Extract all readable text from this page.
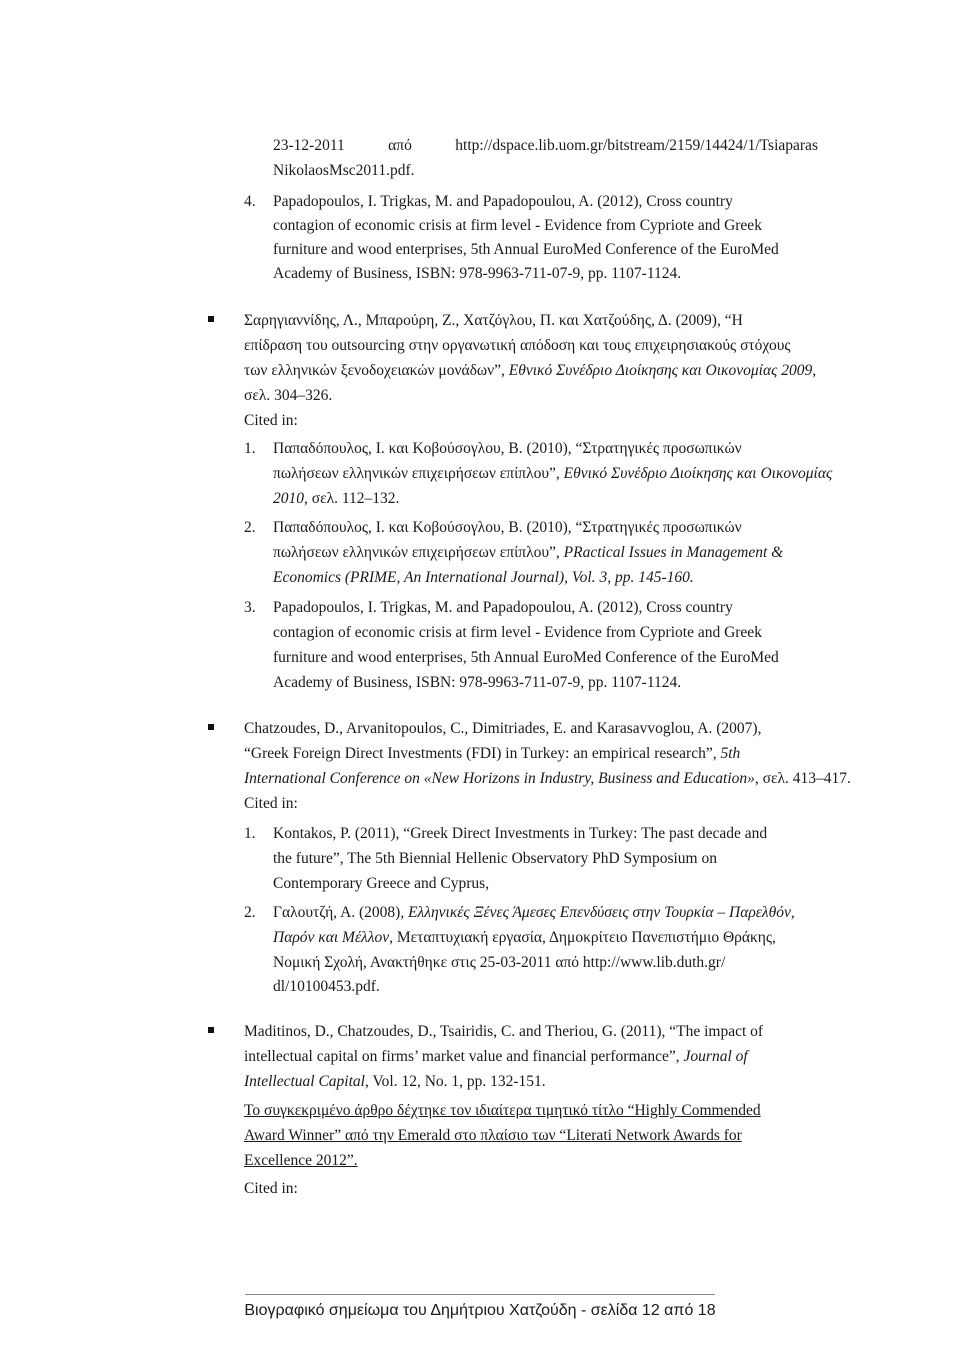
23-12-2011	από	http://dspace.lib.uom.gr/bitstream/2159/14424/1/Tsiaparas
NikolaosMsc2011.pdf.
4. Papadopoulos, I. Trigkas, M. and Papadopoulou, A. (2012), Cross country
contagion of economic crisis at firm level - Evidence from Cypriote and Greek
furniture and wood enterprises, 5th Annual EuroMed Conference of the EuroMed
Academy of Business, ISBN: 978-9963-711-07-9, pp. 1107-1124.
Σαρηγιαννίδης, Λ., Μπαρούρη, Ζ., Χατζόγλου, Π. και Χατζούδης, Δ. (2009), “Η
επίδραση του outsourcing στην οργανωτική απόδοση και τους επιχειρησιακούς στόχους
των ελληνικών ξενοδοχειακών μονάδων”, Εθνικό Συνέδριο Διοίκησης και Οικονομίας 2009,
σελ. 304–326.
Cited in:
1. Παπαδόπουλος, Ι. και Κοβούσογλου, Β. (2010), “Στρατηγικές προσωπικών
πωλήσεων ελληνικών επιχειρήσεων επίπλου”, Εθνικό Συνέδριο Διοίκησης και Οικονομίας
2010, σελ. 112–132.
2. Παπαδόπουλος, Ι. και Κοβούσογλου, Β. (2010), “Στρατηγικές προσωπικών
πωλήσεων ελληνικών επιχειρήσεων επίπλου”, PRactical Issues in Management &
Economics (PRIME, An International Journal), Vol. 3, pp. 145-160.
3. Papadopoulos, I. Trigkas, M. and Papadopoulou, A. (2012), Cross country
contagion of economic crisis at firm level - Evidence from Cypriote and Greek
furniture and wood enterprises, 5th Annual EuroMed Conference of the EuroMed
Academy of Business, ISBN: 978-9963-711-07-9, pp. 1107-1124.
Chatzoudes, D., Arvanitopoulos, C., Dimitriades, E. and Karasavvoglou, A. (2007),
“Greek Foreign Direct Investments (FDI) in Turkey: an empirical research”, 5th
International Conference on «New Horizons in Industry, Business and Education», σελ. 413–417.
Cited in:
1. Kontakos, P. (2011), “Greek Direct Investments in Turkey: The past decade and
the future”, The 5th Biennial Hellenic Observatory PhD Symposium on
Contemporary Greece and Cyprus,
2. Γαλουτζή, Α. (2008), Ελληνικές Ξένες Άμεσες Επενδύσεις στην Τουρκία – Παρελθόν,
Παρόν και Μέλλον, Μεταπτυχιακή εργασία, Δημοκρίτειο Πανεπιστήμιο Θράκης,
Νομική Σχολή, Ανακτήθηκε στις 25-03-2011 από http://www.lib.duth.gr/
dl/10100453.pdf.
Maditinos, D., Chatzoudes, D., Tsairidis, C. and Theriou, G. (2011), “The impact of
intellectual capital on firms’ market value and financial performance”, Journal of
Intellectual Capital, Vol. 12, No. 1, pp. 132-151.
Το συγκεκριμένο άρθρο δέχτηκε τον ιδιαίτερα τιμητικό τίτλο “Highly Commended
Award Winner” από την Emerald στο πλαίσιο των “Literati Network Awards for
Excellence 2012”.
Cited in:
Βιογραφικό σημείωμα του Δημήτριου Χατζούδη - σελίδα 12 από 18
